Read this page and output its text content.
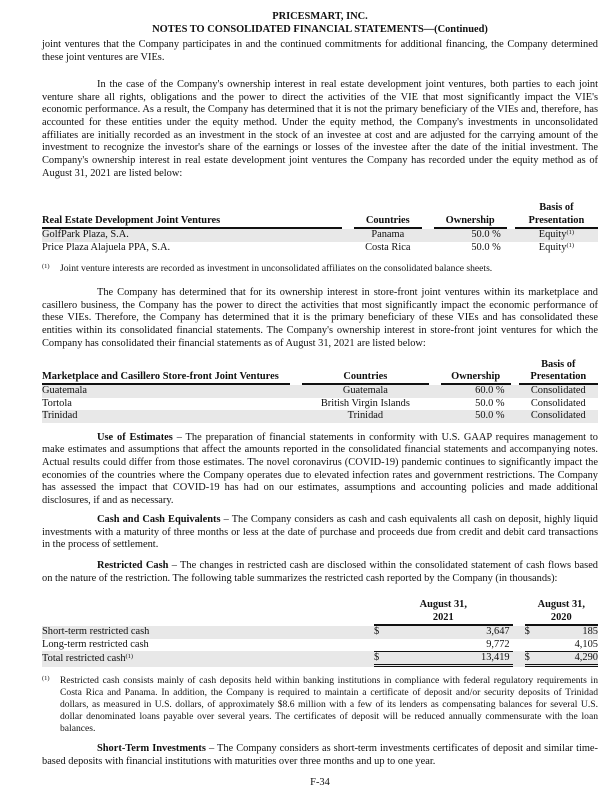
PRICESMART, INC.
NOTES TO CONSOLIDATED FINANCIAL STATEMENTS—(Continued)

joint ventures that the Company participates in and the continued commitments for additional financing, the Company determined these joint ventures are VIEs.

In the case of the Company's ownership interest in real estate development joint ventures, both parties to each joint venture share all rights, obligations and the power to direct the activities of the VIE that most significantly impact the VIE's economic performance. As a result, the Company has determined that it is not the primary beneficiary of the VIEs and, therefore, has accounted for these entities under the equity method. Under the equity method, the Company's investments in unconsolidated affiliates are initially recorded as an investment in the stock of an investee at cost and are adjusted for the carrying amount of the investment to recognize the investor's share of the earnings or losses of the investee after the date of the initial investment. The Company's ownership interest in real estate development joint ventures the Company has recorded under the equity method as of August 31, 2021 are listed below:

						Basis of
Real Estate Development Joint Ventures		Countries		Ownership		Presentation
GolfPark Plaza, S.A.		Panama		50.0 %		Equity$^{(1)}$
Price Plaza Alajuela PPA, S.A.		Costa Rica		50.0 %		Equity$^{(1)}$
(1)	Joint venture interests are recorded as investment in unconsolidated affiliates on the consolidated balance sheets.

The Company has determined that for its ownership interest in store-front joint ventures within its marketplace and casillero business, the Company has the power to direct the activities that most significantly impact the economic performance of these VIEs. Therefore, the Company has determined that it is the primary beneficiary of these VIEs and has consolidated these entities within its consolidated financial statements. The Company's ownership interest in store-front joint ventures for which the Company has consolidated their financial statements as of August 31, 2021 are listed below:

						Basis of
Marketplace and Casillero Store-front Joint Ventures		Countries		Ownership		Presentation
Guatemala		Guatemala		60.0 %		Consolidated
Tortola		British Virgin Islands		50.0 %		Consolidated
Trinidad		Trinidad		50.0 %		Consolidated

Use of Estimates – The preparation of financial statements in conformity with U.S. GAAP requires management to make estimates and assumptions that affect the amounts reported in the consolidated financial statements and accompanying notes. Actual results could differ from those estimates. The novel coronavirus (COVID-19) pandemic continues to significantly impact the economies of the countries where the Company operates due to elevated infection rates and government restrictions. The Company has assessed the impact that COVID-19 has had on our estimates, assumptions and accounting policies and made additional disclosures, if and as necessary.

Cash and Cash Equivalents – The Company considers as cash and cash equivalents all cash on deposit, highly liquid investments with a maturity of three months or less at the date of purchase and proceeds due from credit and debit card transactions in the process of settlement.

Restricted Cash – The changes in restricted cash are disclosed within the consolidated statement of cash flows based on the nature of the restriction. The following table summarizes the restricted cash reported by the Company (in thousands):

	August 31,
2021			August 31,
2020	
Short-term restricted cash	$	3,647		$	185
Long-term restricted cash		9,772			4,105
Total restricted cash$^{(1)}$	$	13,419		$	4,290
(1)	Restricted cash consists mainly of cash deposits held within banking institutions in compliance with federal regulatory requirements in Costa Rica and Panama. In addition, the Company is required to maintain a certificate of deposit and/or security deposits of Trinidad dollars, as measured in U.S. dollars, of approximately $8.6 million with a few of its lenders as compensating balances for several U.S. dollar denominated loans payable over several years. The certificates of deposit will be reduced annually commensurate with the loan balances.

Short-Term Investments – The Company considers as short-term investments certificates of deposit and similar time-based deposits with financial institutions with maturities over three months and up to one year.

F-34
